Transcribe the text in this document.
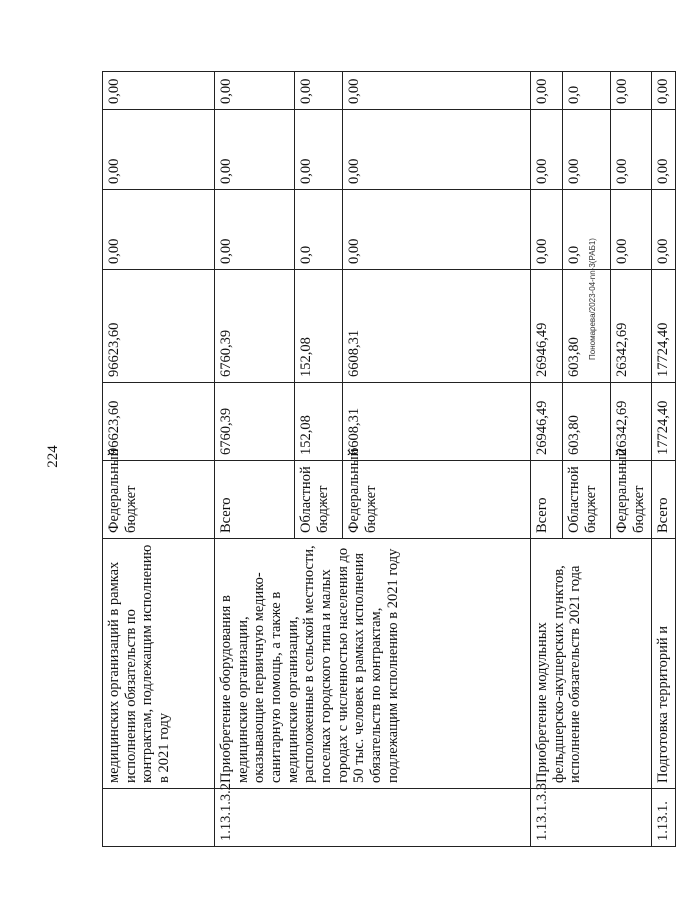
224
Пономарева/2023-04-nn-3(РАБ1)
	медицинских организаций в рамках исполнения обязательств по контрактам, подлежащим исполнению в 2021 году	Федеральный бюджет	96623,60	96623,60	0,00	0,00	0,00
1.13.1.3.2	Приобретение оборудования в медицинские организации, оказывающие первичную медико-санитарную помощь, а также в медицинские организации, расположенные в сельской местности, поселках городского типа и малых городах с численностью населения до 50 тыс. человек в рамках исполнения обязательств по контрактам, подлежащим исполнению в 2021 году	Всего	6760,39	6760,39	0,00	0,00	0,00
		Областной бюджет	152,08	152,08	0,0	0,00	0,00
		Федеральный бюджет	6608,31	6608,31	0,00	0,00	0,00
1.13.1.3.3	Приобретение модульных фельдшерско-акушерских пунктов, исполнение обязательств 2021 года	Всего	26946,49	26946,49	0,00	0,00	0,00
		Областной бюджет	603,80	603,80	0,0	0,00	0,0
		Федеральный бюджет	26342,69	26342,69	0,00	0,00	0,00
1.13.1.	Подготовка территорий и	Всего	17724,40	17724,40	0,00	0,00	0,00
